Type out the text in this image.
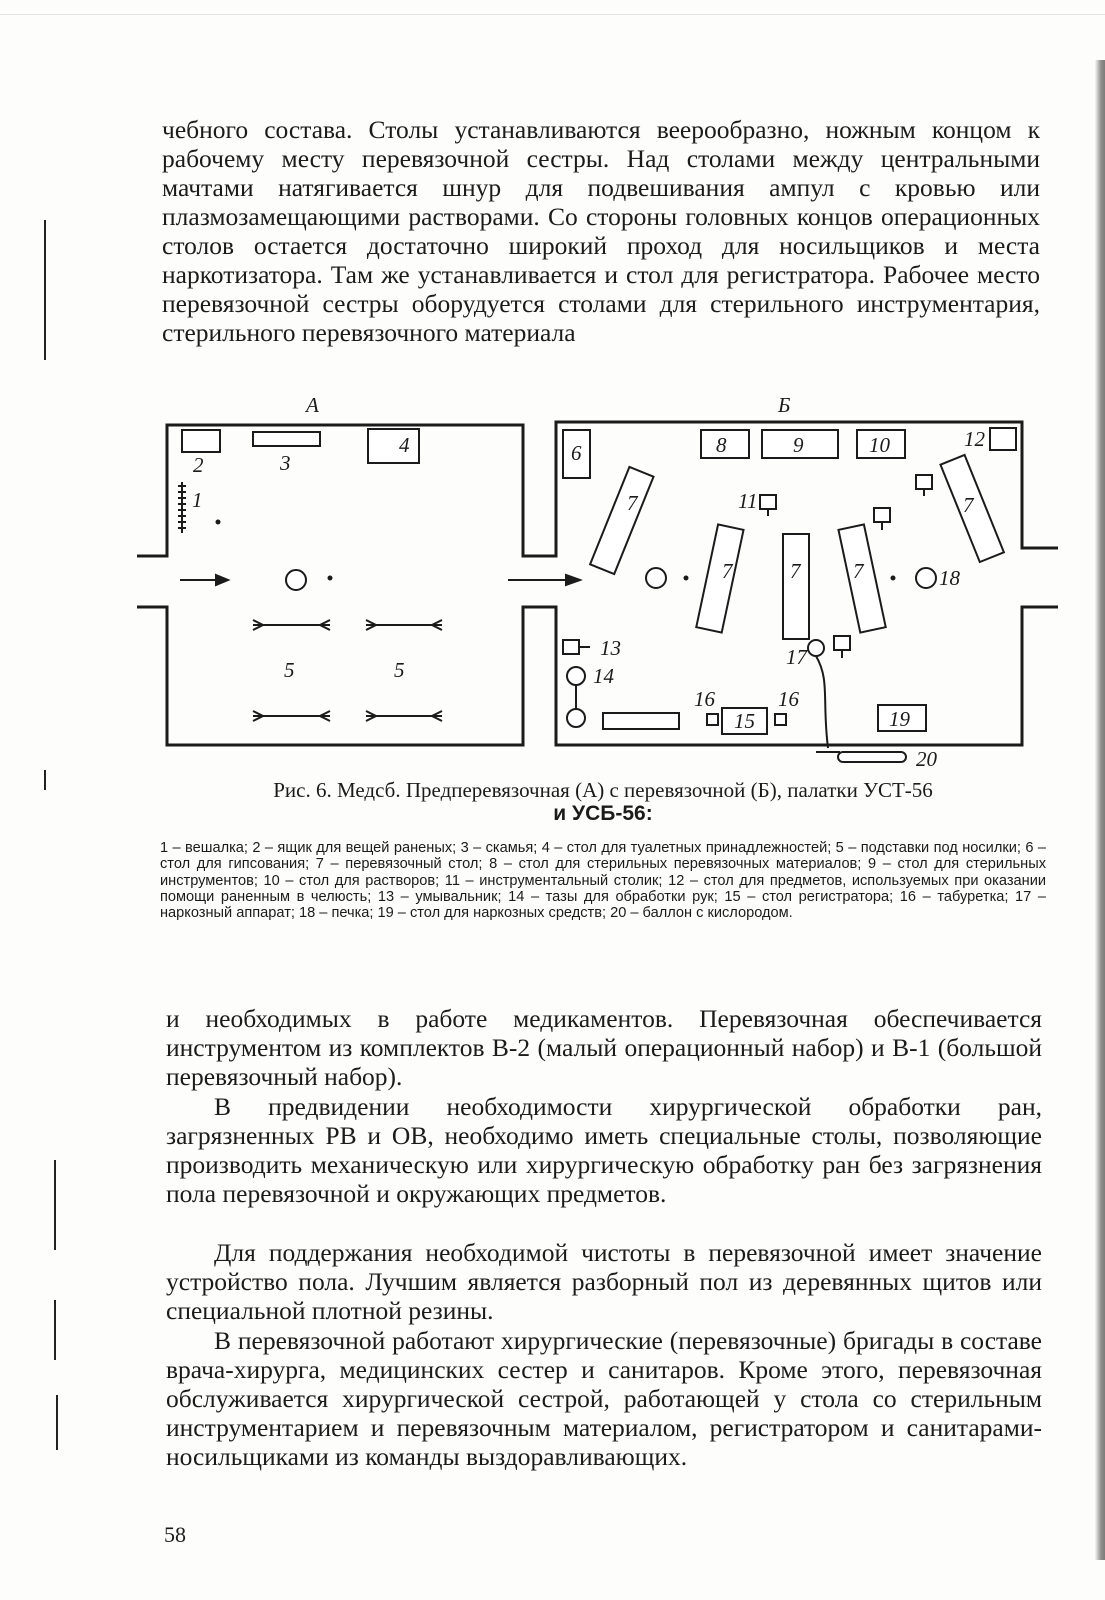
чебного состава. Столы устанавливаются веерообразно, ножным концом к рабочему месту перевязочной сестры. Над столами между центральными мачтами натягивается шнур для подвешивания ампул с кровью или плазмозамещающими растворами. Со стороны головных концов операционных столов остается достаточно широкий проход для носильщиков и места наркотизатора. Там же устанавливается и стол для регистратора. Рабочее место перевязочной сестры оборудуется столами для стерильного инструментария, стерильного перевязочного материала

А	Б
1
2	3
4
5	5
6
7
7	7	7
7
8	9	10
11
12
13
14
15
16	16
17
18
19
20
Рис. 6. Медсб. Предперевязочная (А) с перевязочной (Б), палатки УСТ-56
и УСБ-56:

1 – вешалка; 2 – ящик для вещей раненых; 3 – скамья; 4 – стол для туалетных принадлежностей; 5 – подставки под носилки; 6 – стол для гипсования; 7 – перевязочный стол; 8 – стол для стерильных перевязочных материалов; 9 – стол для стерильных инструментов; 10 – стол для растворов; 11 – инструментальный столик; 12 – стол для предметов, используемых при оказании помощи раненным в челюсть; 13 – умывальник; 14 – тазы для обработки рук; 15 – стол регистратора; 16 – табуретка; 17 – наркозный аппарат; 18 – печка; 19 – стол для наркозных средств; 20 – баллон с кислородом.

и необходимых в работе медикаментов. Перевязочная обеспечивается инструментом из комплектов В-2 (малый операционный набор) и В-1 (большой перевязочный набор).

В предвидении необходимости хирургической обработки ран, загрязненных РВ и ОВ, необходимо иметь специальные столы, позволяющие производить механическую или хирургическую обработку ран без загрязнения пола перевязочной и окружающих предметов.

Для поддержания необходимой чистоты в перевязочной имеет значение устройство пола. Лучшим является разборный пол из деревянных щитов или специальной плотной резины.

В перевязочной работают хирургические (перевязочные) бригады в составе врача-хирурга, медицинских сестер и санитаров. Кроме этого, перевязочная обслуживается хирургической сестрой, работающей у стола со стерильным инструментарием и перевязочным материалом, регистратором и санитарами-носильщиками из команды выздоравливающих.

58
